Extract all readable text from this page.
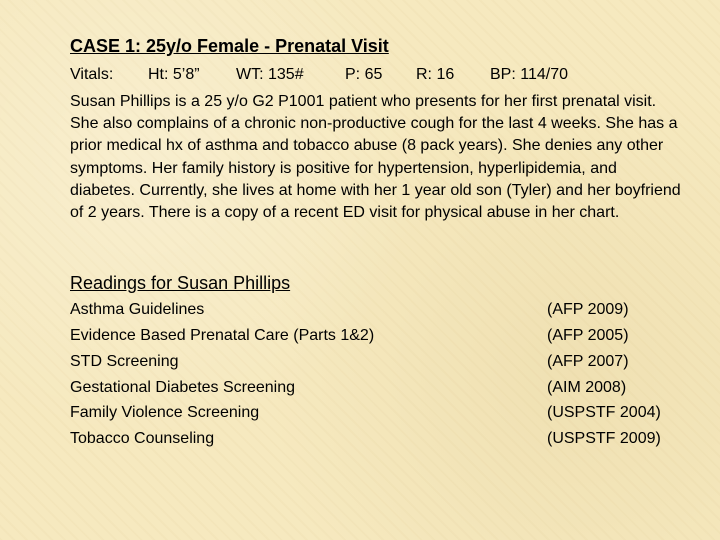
CASE 1: 25y/o Female - Prenatal Visit
Vitals: Ht: 5’8” WT: 135#	P: 65 R: 16 BP: 114/70
Susan Phillips is a 25 y/o G2 P1001 patient who presents for her first prenatal visit. She also complains of a chronic non-productive cough for the last 4 weeks. She has a prior medical hx of asthma and tobacco abuse (8 pack years). She denies any other symptoms. Her family history is positive for hypertension, hyperlipidemia, and diabetes. Currently, she lives at home with her 1 year old son (Tyler) and her boyfriend of 2 years. There is a copy of a recent ED visit for physical abuse in her chart.
Readings for Susan Phillips
Asthma Guidelines	(AFP 2009)
Evidence Based Prenatal Care (Parts 1&2)	(AFP 2005)
STD Screening	(AFP 2007)
Gestational Diabetes Screening	(AIM 2008)
Family Violence Screening	(USPSTF 2004)
Tobacco Counseling	(USPSTF 2009)
